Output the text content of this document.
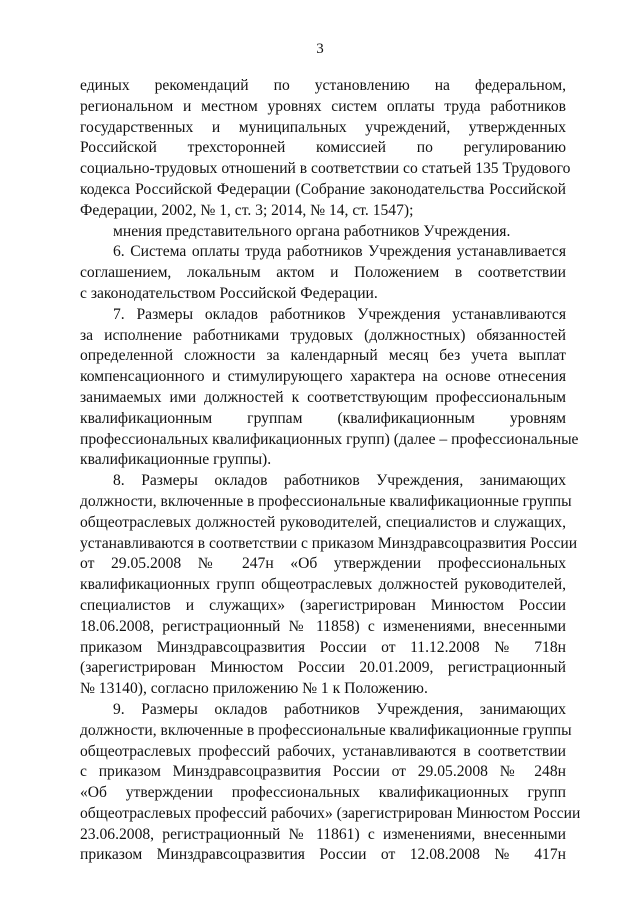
3
единых рекомендаций по установлению на федеральном,
региональном и местном уровнях систем оплаты труда работников
государственных и муниципальных учреждений, утвержденных
Российской трехсторонней комиссией по регулированию
социально-трудовых отношений в соответствии со статьей 135 Трудового
кодекса Российской Федерации (Собрание законодательства Российской
Федерации, 2002, № 1, ст. 3; 2014, № 14, ст. 1547);
мнения представительного органа работников Учреждения.
6. Система оплаты труда работников Учреждения устанавливается
соглашением, локальным актом и Положением в соответствии
с законодательством Российской Федерации.
7. Размеры окладов работников Учреждения устанавливаются
за исполнение работниками трудовых (должностных) обязанностей
определенной сложности за календарный месяц без учета выплат
компенсационного и стимулирующего характера на основе отнесения
занимаемых ими должностей к соответствующим профессиональным
квалификационным группам (квалификационным уровням
профессиональных квалификационных групп) (далее – профессиональные
квалификационные группы).
8. Размеры окладов работников Учреждения, занимающих
должности, включенные в профессиональные квалификационные группы
общеотраслевых должностей руководителей, специалистов и служащих,
устанавливаются в соответствии с приказом Минздравсоцразвития России
от 29.05.2008 № 247н «Об утверждении профессиональных
квалификационных групп общеотраслевых должностей руководителей,
специалистов и служащих» (зарегистрирован Минюстом России
18.06.2008, регистрационный № 11858) с изменениями, внесенными
приказом Минздравсоцразвития России от 11.12.2008 № 718н
(зарегистрирован Минюстом России 20.01.2009, регистрационный
№ 13140), согласно приложению № 1 к Положению.
9. Размеры окладов работников Учреждения, занимающих
должности, включенные в профессиональные квалификационные группы
общеотраслевых профессий рабочих, устанавливаются в соответствии
с приказом Минздравсоцразвития России от 29.05.2008 № 248н
«Об утверждении профессиональных квалификационных групп
общеотраслевых профессий рабочих» (зарегистрирован Минюстом России
23.06.2008, регистрационный № 11861) с изменениями, внесенными
приказом Минздравсоцразвития России от 12.08.2008 № 417н
